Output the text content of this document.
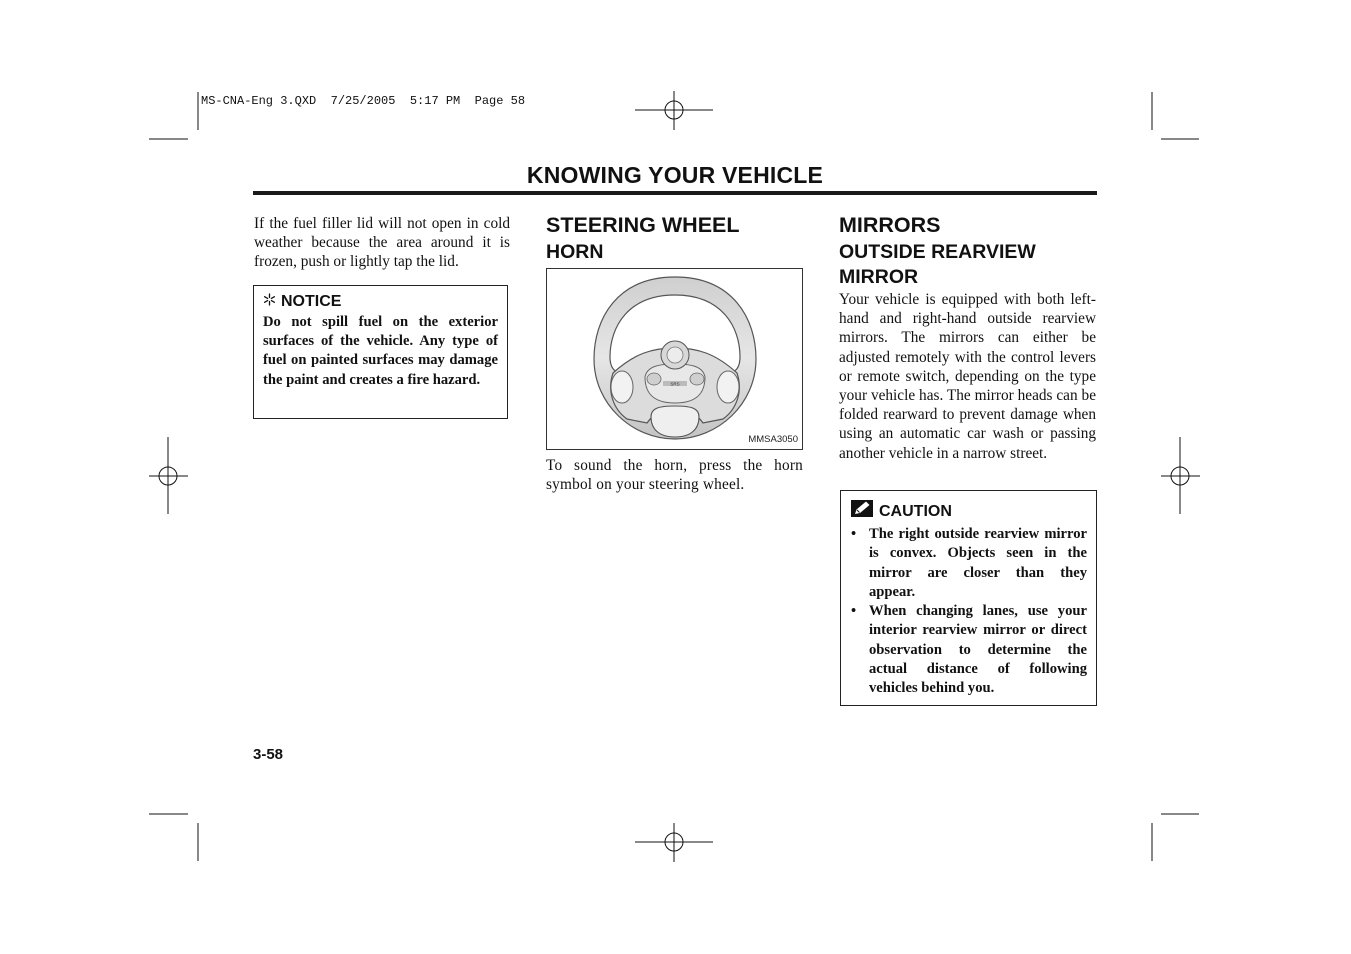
MS-CNA-Eng 3.QXD  7/25/2005  5:17 PM  Page 58
KNOWING YOUR VEHICLE
If the fuel filler lid will not open in cold weather because the area around it is frozen, push or lightly tap the lid.
NOTICE
Do not spill fuel on the exterior surfaces of the vehicle. Any type of fuel on painted surfaces may damage the paint and creates a fire hazard.
STEERING WHEEL
HORN
SRS
MMSA3050
To sound the horn, press the horn symbol on your steering wheel.
MIRRORS
OUTSIDE REARVIEW
MIRROR
Your vehicle is equipped with both left-hand and right-hand outside rearview mirrors. The mirrors can either be adjusted remotely with the control levers or remote switch, depending on the type your vehicle has. The mirror heads can be folded rearward to prevent damage when using an automatic car wash or passing another vehicle in a narrow street.
CAUTION
• The right outside rearview mirror is convex. Objects seen in the mirror are closer than they appear.
• When changing lanes, use your interior rearview mirror or direct observation to determine the actual distance of following vehicles behind you.
3-58
